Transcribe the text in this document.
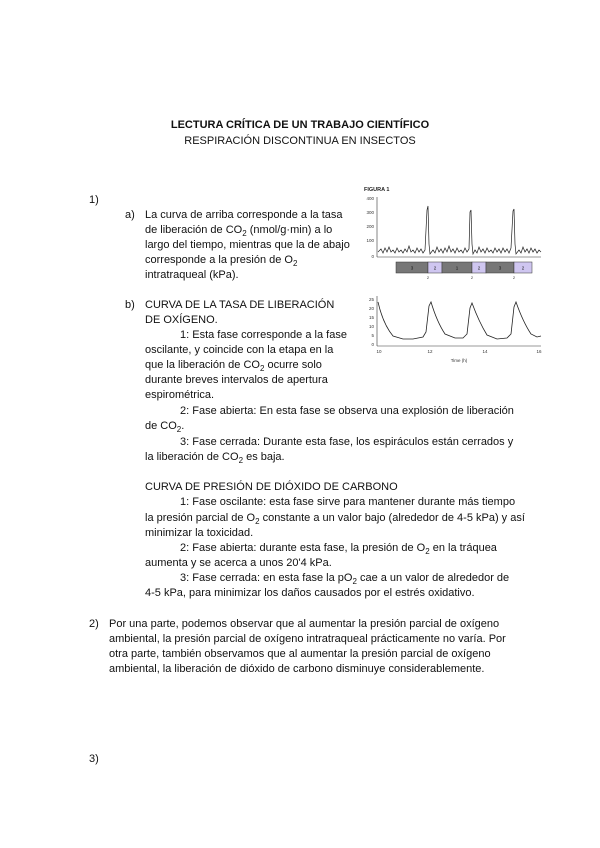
LECTURA CRÍTICA DE UN TRABAJO CIENTÍFICO
RESPIRACIÓN DISCONTINUA EN INSECTOS
1)
a) La curva de arriba corresponde a la tasa
de liberación de $CO_2$ (nmol/g·min) a lo
largo del tiempo, mientras que la de abajo
corresponde a la presión de $O_2$
intratraqueal (kPa).
b) CURVA DE LA TASA DE LIBERACIÓN
DE OXÍGENO.
1: Esta fase corresponde a la fase
oscilante, y coincide con la etapa en la
que la liberación de $CO_2$ ocurre solo
durante breves intervalos de apertura
espirométrica.
2: Fase abierta: En esta fase se observa una explosión de liberación
de $CO_2$.
3: Fase cerrada: Durante esta fase, los espiráculos están cerrados y
la liberación de $CO_2$ es baja.
CURVA DE PRESIÓN DE DIÓXIDO DE CARBONO
1: Fase oscilante: esta fase sirve para mantener durante más tiempo
la presión parcial de $O_2$ constante a un valor bajo (alrededor de 4-5 kPa) y así
minimizar la toxicidad.
2: Fase abierta: durante esta fase, la presión de $O_2$ en la tráquea
aumenta y se acerca a unos 20'4 kPa.
3: Fase cerrada: en esta fase la $pO_2$ cae a un valor de alrededor de
4-5 kPa, para minimizar los daños causados por el estrés oxidativo.
2) Por una parte, podemos observar que al aumentar la presión parcial de oxígeno
ambiental, la presión parcial de oxígeno intratraqueal prácticamente no varía. Por
otra parte, también observamos que al aumentar la presión parcial de oxígeno
ambiental, la liberación de dióxido de carbono disminuye considerablemente.
3)
FIGURA 1
400
300
200
100
0
3	2	1	2	3	2
2	2	2
25
20
15
10
5
0
10	12	14	16
Time (h)
